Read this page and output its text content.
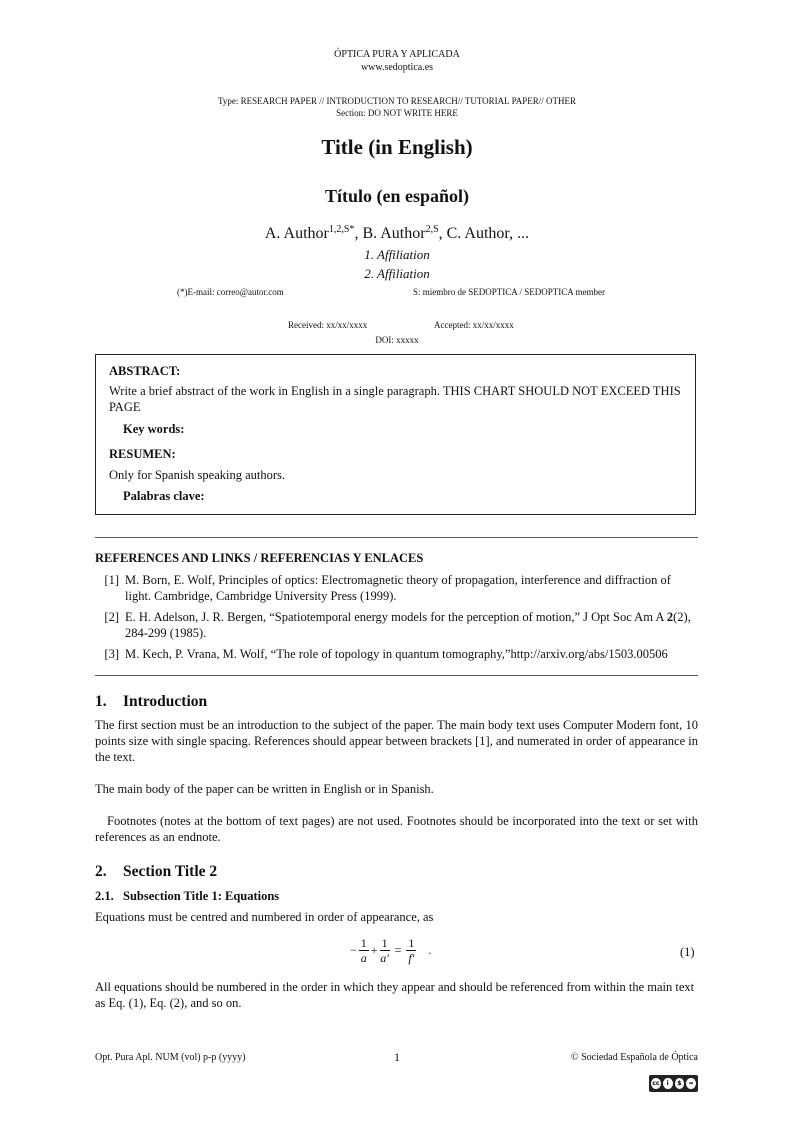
ÓPTICA PURA Y APLICADA
www.sedoptica.es
Type: RESEARCH PAPER // INTRODUCTION TO RESEARCH// TUTORIAL PAPER// OTHER
Section: DO NOT WRITE HERE
Title (in English)
Título (en español)
A. Author$^{1,2,S*}$, B. Author$^{2,S}$, C. Author, ...
1. Affiliation
2. Affiliation
(*)E-mail: correo@autor.com	S: miembro de SEDOPTICA / SEDOPTICA member
Received: xx/xx/xxxx	Accepted: xx/xx/xxxx
DOI: xxxxx

ABSTRACT:

Write a brief abstract of the work in English in a single paragraph. THIS CHART SHOULD NOT EXCEED THIS PAGE

Key words:

RESUMEN:

Only for Spanish speaking authors.

Palabras clave:

REFERENCES AND LINKS / REFERENCIAS Y ENLACES
[1] M. Born, E. Wolf, Principles of optics: Electromagnetic theory of propagation, interference and diffraction of light. Cambridge, Cambridge University Press (1999).
[2] E. H. Adelson, J. R. Bergen, “Spatiotemporal energy models for the perception of motion,” J Opt Soc Am A 2(2), 284-299 (1985).
[3] M. Kech, P. Vrana, M. Wolf, “The role of topology in quantum tomography,”http://arxiv.org/abs/1503.00506
1. Introduction

The first section must be an introduction to the subject of the paper. The main body text uses Computer Modern font, 10 points size with single spacing. References should appear between brackets [1], and numerated in order of appearance in the text.

The main body of the paper can be written in English or in Spanish.

Footnotes (notes at the bottom of text pages) are not used. Footnotes should be incorporated into the text or set with references as an endnote.

2. Section Title 2
2.1. Subsection Title 1: Equations
Equations must be centred and numbered in order of appearance, as
− $\frac{1}{a} + \frac{1}{a'} = \frac{1}{f'}$ .	(1)
All equations should be numbered in the order in which they appear and should be referenced from within the main text as Eq. (1), Eq. (2), and so on.
Opt. Pura Apl. NUM (vol) p-p (yyyy)	1	© Sociedad Española de Óptica
cc	i	$	=
